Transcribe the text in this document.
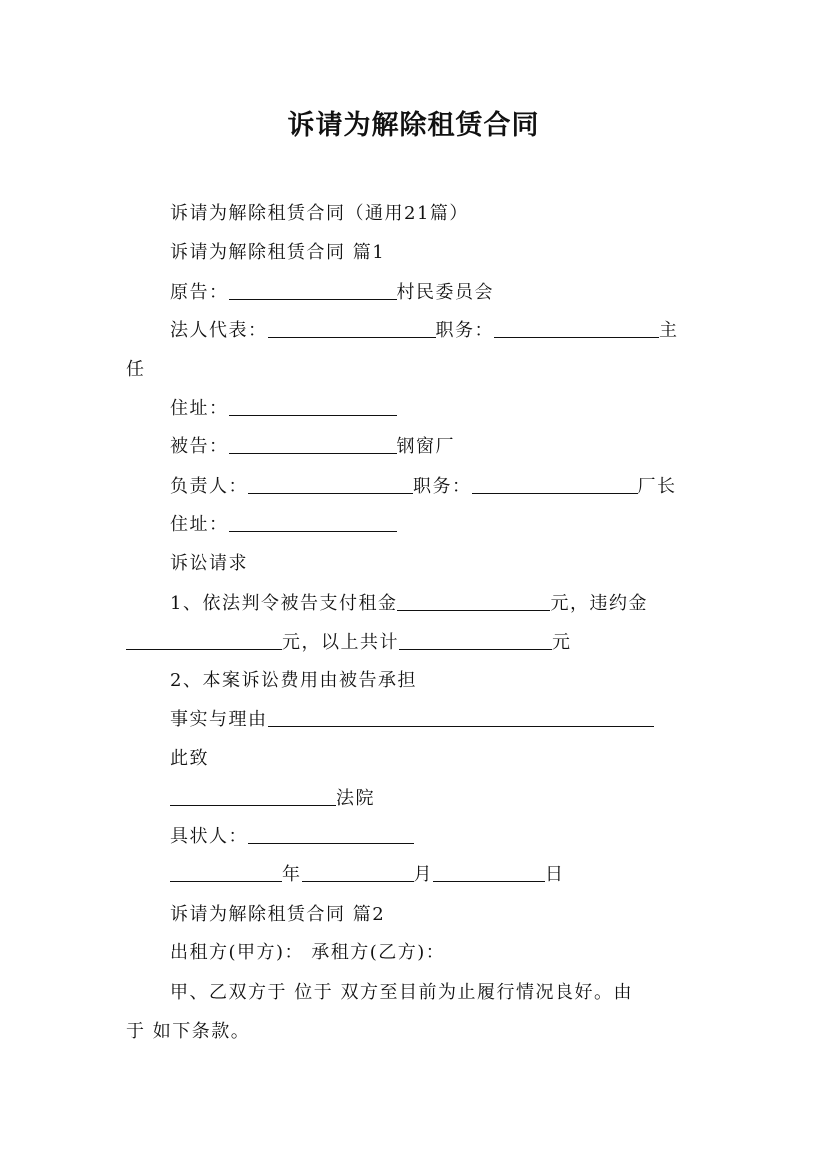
诉请为解除租赁合同
诉请为解除租赁合同（通用21篇）
诉请为解除租赁合同 篇1
原告：	村民委员会
法人代表：	职务：	主
任
住址：
被告：	钢窗厂
负责人：	职务：	厂长
住址：
诉讼请求
1、依法判令被告支付租金	元，违约金
元，以上共计	元
2、本案诉讼费用由被告承担
事实与理由
此致
法院
具状人：
年	月	日
诉请为解除租赁合同 篇2
出租方(甲方)： 承租方(乙方)：
甲、乙双方于 位于 双方至目前为止履行情况良好。由
于 如下条款。
